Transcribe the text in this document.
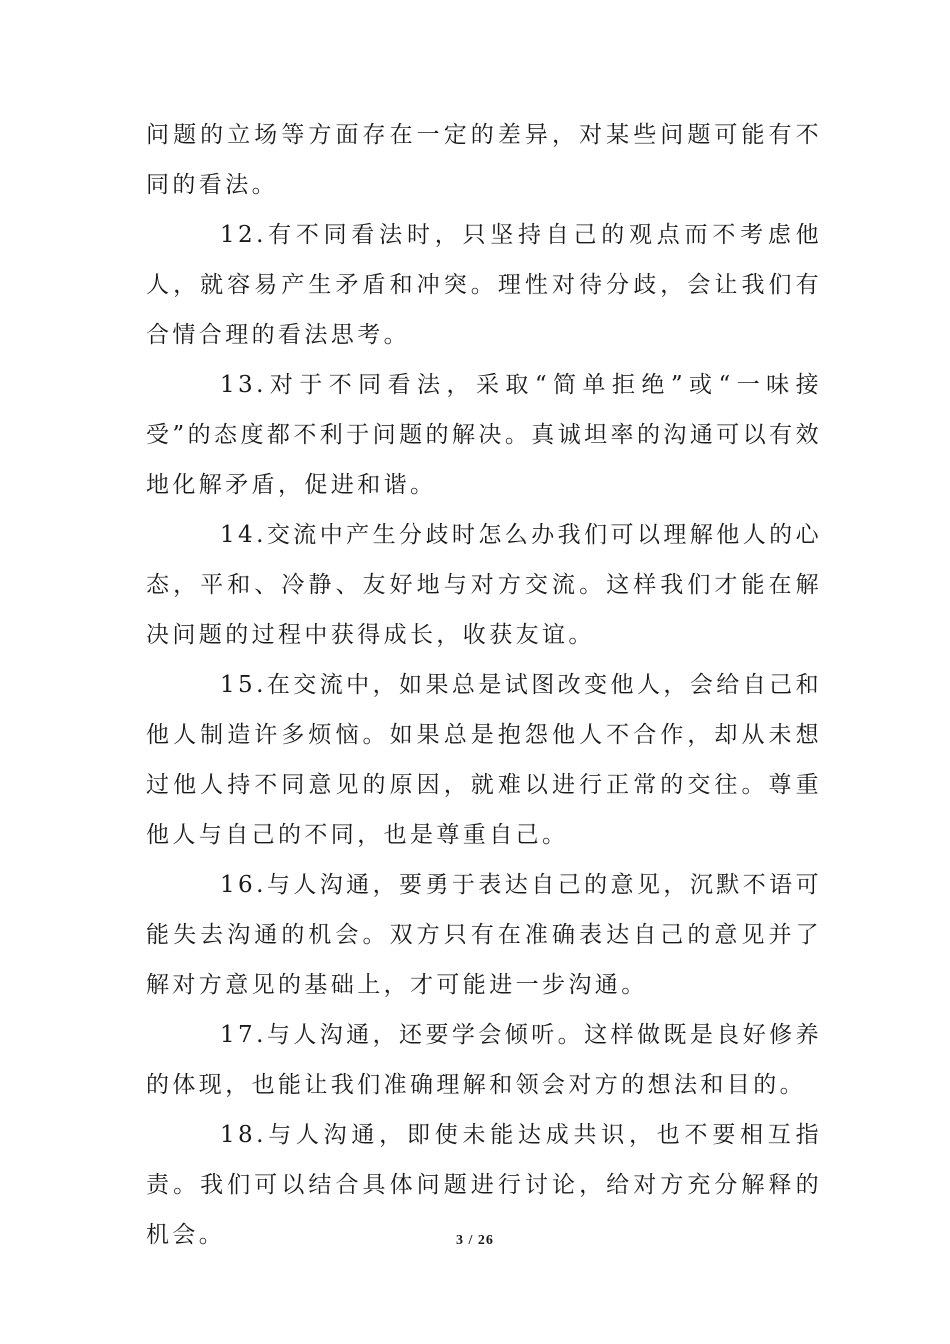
问题的立场等方面存在一定的差异，对某些问题可能有不同的看法。

12.有不同看法时，只坚持自己的观点而不考虑他人，就容易产生矛盾和冲突。理性对待分歧，会让我们有合情合理的看法思考。

13.对于不同看法，采取“简单拒绝”或“一味接受”的态度都不利于问题的解决。真诚坦率的沟通可以有效地化解矛盾，促进和谐。

14.交流中产生分歧时怎么办我们可以理解他人的心态，平和、冷静、友好地与对方交流。这样我们才能在解决问题的过程中获得成长，收获友谊。

15.在交流中，如果总是试图改变他人，会给自己和他人制造许多烦恼。如果总是抱怨他人不合作，却从未想过他人持不同意见的原因，就难以进行正常的交往。尊重他人与自己的不同，也是尊重自己。

16.与人沟通，要勇于表达自己的意见，沉默不语可能失去沟通的机会。双方只有在准确表达自己的意见并了解对方意见的基础上，才可能进一步沟通。

17.与人沟通，还要学会倾听。这样做既是良好修养的体现，也能让我们准确理解和领会对方的想法和目的。

18.与人沟通，即使未能达成共识，也不要相互指责。我们可以结合具体问题进行讨论，给对方充分解释的机会。	3 / 26
